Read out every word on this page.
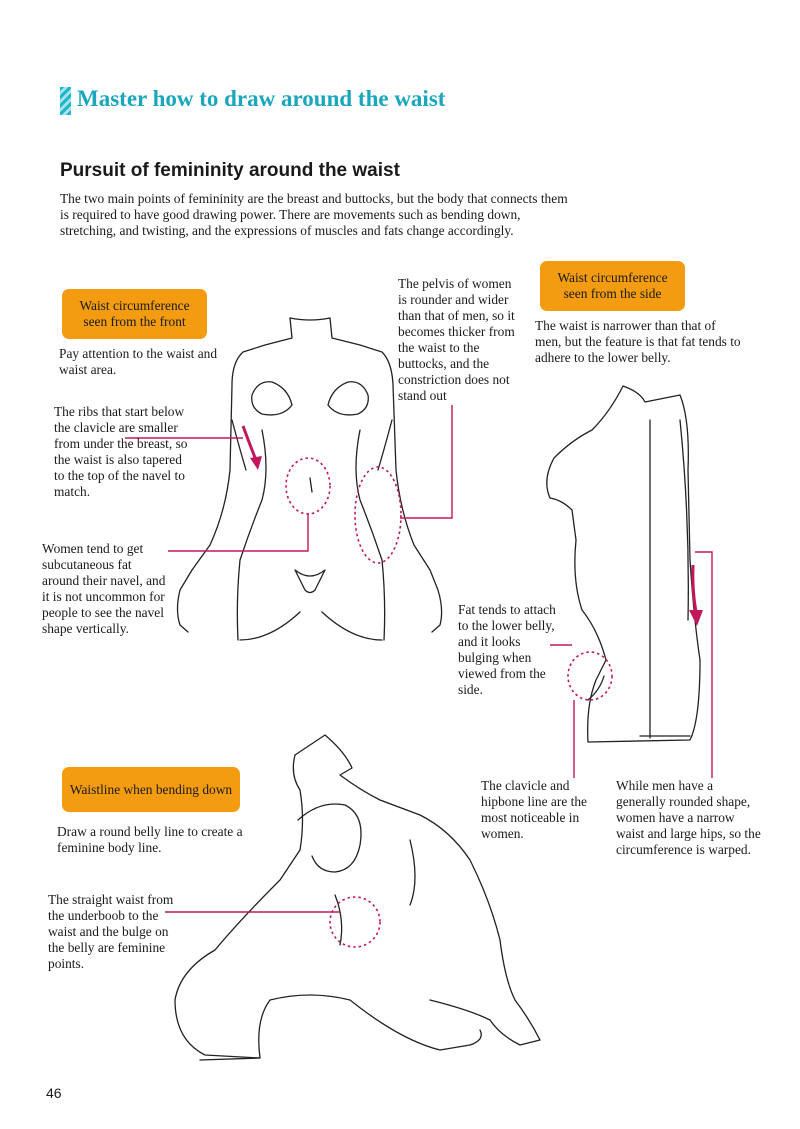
Master how to draw around the waist
Pursuit of femininity around the waist
The two main points of femininity are the breast and buttocks, but the body that connects them is required to have good drawing power. There are movements such as bending down, stretching, and twisting, and the expressions of muscles and fats change accordingly.
Waist circumference seen from the front
Pay attention to the waist and waist area.
The ribs that start below the clavicle are smaller from under the breast, so the waist is also tapered to the top of the navel to match.
Women tend to get subcutaneous fat around their navel, and it is not uncommon for people to see the navel shape vertically.
The pelvis of women is rounder and wider than that of men, so it becomes thicker from the waist to the buttocks, and the constriction does not stand out
Waist circumference seen from the side
The waist is narrower than that of men, but the feature is that fat tends to adhere to the lower belly.
Fat tends to attach to the lower belly, and it looks bulging when viewed from the side.
The clavicle and hipbone line are the most noticeable in women.
While men have a generally rounded shape, women have a narrow waist and large hips, so the circumference is warped.
Waistline when bending down
Draw a round belly line to create a feminine body line.
The straight waist from the underboob to the waist and the bulge on the belly are feminine points.
46
